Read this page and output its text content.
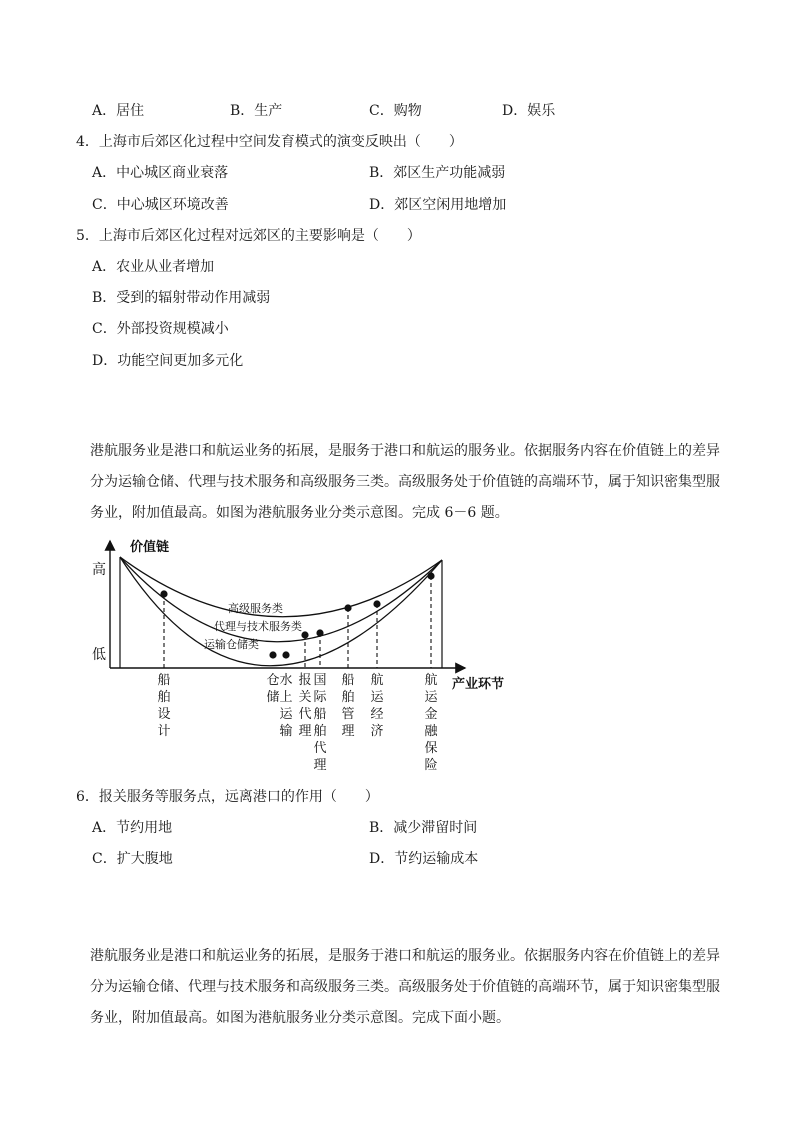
A．居住	B．生产	C．购物	D．娱乐
4．上海市后郊区化过程中空间发育模式的演变反映出（　　）
A．中心城区商业衰落	B．郊区生产功能减弱
C．中心城区环境改善	D．郊区空闲用地增加
5．上海市后郊区化过程对远郊区的主要影响是（　　）
A．农业从业者增加
B．受到的辐射带动作用减弱
C．外部投资规模减小
D．功能空间更加多元化
港航服务业是港口和航运业务的拓展，是服务于港口和航运的服务业。依据服务内容在价值链上的差异分为运输仓储、代理与技术服务和高级服务三类。高级服务处于价值链的高端环节，属于知识密集型服务业，附加值最高。如图为港航服务业分类示意图。完成 6－6 题。
价值链
高
低
产业环节
高级服务类
代理与技术服务类
运输仓储类
船舶设计
仓储
水上运输
报关代理
国际船舶代理
船舶管理
航运经济
航运金融保险
6．报关服务等服务点，远离港口的作用（　　）
A．节约用地	B．减少滞留时间
C．扩大腹地	D．节约运输成本
港航服务业是港口和航运业务的拓展，是服务于港口和航运的服务业。依据服务内容在价值链上的差异分为运输仓储、代理与技术服务和高级服务三类。高级服务处于价值链的高端环节，属于知识密集型服务业，附加值最高。如图为港航服务业分类示意图。完成下面小题。
